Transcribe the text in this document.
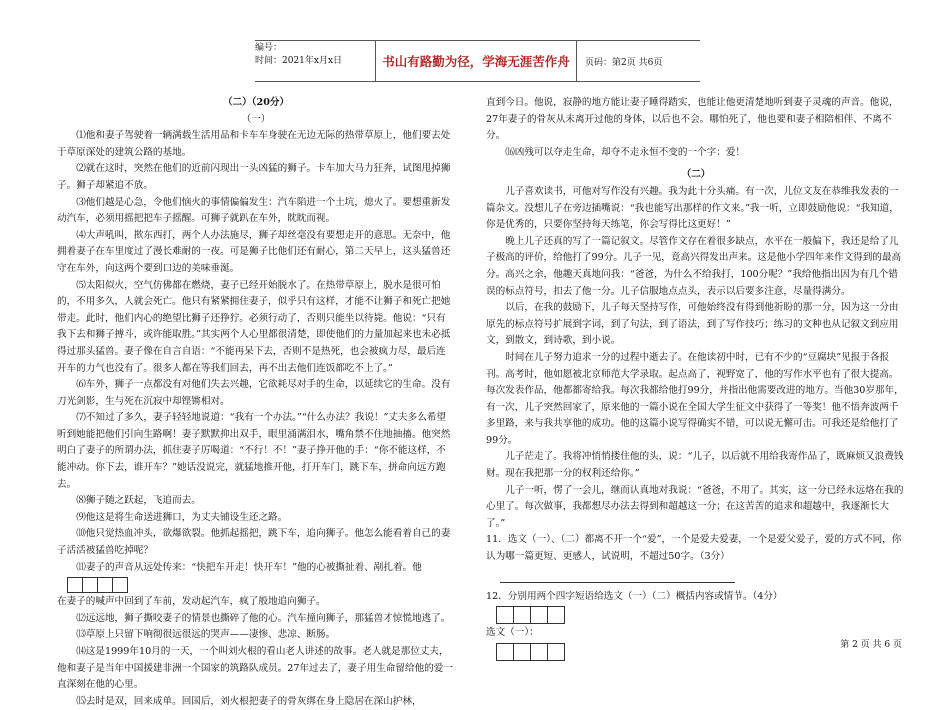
编号：
时间：2021年x月x日	书山有路勤为径，学海无涯苦作舟	页码：第2页 共6页

（二）（20分）

（一）

⑴他和妻子驾驶着一辆满载生活用品和卡车车身驶在无边无际的热带草原上，他们要去处于草原深处的建筑公路的基地。

⑵就在这时，突然在他们的近前闪现出一头凶猛的狮子。卡车加大马力狂奔，试图甩掉狮子。狮子却紧追不放。

⑶他们越是心急，令他们恼火的事情偏偏发生：汽车陷进一个土坑，熄火了。要想重新发动汽车，必须用摇把把车子摇醒。可狮子就趴在车外，眈眈而视。

⑷大声吼叫，揿东西打，两个人办法施尽，狮子却丝毫没有要想走开的意思。无奈中，他拥着妻子在车里度过了漫长难耐的一夜。可是狮子比他们还有耐心，第二天早上，这头猛兽还守在车外，向这两个要到口边的美味垂涎。

⑸太阳似火，空气仿佛都在燃烧，妻子已经开始脱水了。在热带草原上，脱水是很可怕的，不用多久，人就会死亡。他只有紧紧拥住妻子，似乎只有这样，才能不让狮子和死亡把她带走。此时，他们内心的绝望比狮子还狰狞。必须行动了，否则只能坐以待毙。他说：“只有我下去和狮子搏斗，或许能取胜。”其实两个人心里都很清楚，即使他们的力量加起来也未必抵得过那头猛兽。妻子像在自言自语：“不能再呆下去，否则不是热死，也会被疯力尽，最后连开车的力气也没有了。很多人都在等我们回去，再不出去他们连饭都吃不上了。”

⑹车外，狮子一点都没有对他们失去兴趣，它欲耗尽对手的生命，以延续它的生命。没有刀光剑影，生与死在沉寂中却铿锵相对。

⑺不知过了多久，妻子轻轻地说道：“我有一个办法。”“什么办法？我说！”丈夫多么希望听到她能把他们引向生路啊！妻子默默抑出双手，眼里涌满泪水，嘴角禁不住地抽搐。他突然明白了妻子的所谓办法，抓住妻子厉喝道：“不行！不！”妻子挣开他的手：“你不能这样，不能冲动。你下去，谁开车？”她话没说完，就猛地推开他，打开车门，跳下车，拼命向远方跑去。

⑻狮子随之跃起，飞追而去。

⑼他这是将生命送进狮口，为丈夫铺设生还之路。

⑽他只觉热血冲头，欲爆欲裂。他抓起摇把，跳下车，追向狮子。他怎么能看着自己的妻子活活被猛兽吃掉呢？

⑾妻子的声音从远处传来：“快把车开走！快开车！”他的心被撕扯着、剐扎着。他

在妻子的喊声中回到了车前，发动起汽车，疯了般地追向狮子。

⑿远远地，狮子撕咬妻子的情景也撕碎了他的心。汽车撞向狮子，那猛兽才惊慌地逃了。

⒀草原上只留下响彻很远很远的哭声——凄惨、悲凉、断肠。

⒁这是1999年10月的一天，一个叫刘火根的看山老人讲述的故事。老人就是那位丈夫，他和妻子是当年中国援建非洲一个国家的筑路队成员。27年过去了，妻子用生命留给他的爱一直深刻在他的心里。

⒂去时是双，回来成单。回国后，刘火根把妻子的骨灰绑在身上隐居在深山护林，

直到今日。他说，寂静的地方能让妻子睡得踏实，也能让他更清楚地听到妻子灵魂的声音。他说，27年妻子的骨灰从未离开过他的身体，以后也不会。哪怕死了，他也要和妻子相陪相伴、不离不分。

⒃凶残可以夺走生命，却夺不走永恒不变的一个字：爱！

（二）

儿子喜欢读书，可他对写作没有兴趣。我为此十分头痛。有一次，儿位文友在恭维我发表的一篇杂文。没想儿子在旁边插嘴说：“我也能写出那样的作文来。”我一听，立即鼓励他说：“我知道，你是优秀的，只要你坚持每天练笔，你会写得比这更好！”

晚上儿子还真的写了一篇记叙文。尽管作文存在着很多缺点，水平在一般偏下，我还是给了儿子极高的评价，给他打了99分。儿子一见，竟高兴得发出声来。这是他小学四年来作文得到的最高分。高兴之余，他趣天真地问我：“爸爸，为什么不给我打，100分呢？”我给他指出因为有几个错误的标点符号，扣去了他一分。儿子信服地点点头，表示以后要多注意，尽量得满分。

以后，在我的鼓励下，儿子每天坚持写作，可他始终没有得到他祈盼的那一分，因为这一分由原先的标点符号扩展到字词，到了句法，到了语法，到了写作技巧；练习的文种也从记叙文到应用文，到散文，到诗歌，到小说。

时间在儿子努力追求一分的过程中逝去了。在他读初中时，已有不少的“豆腐块”见报于各报刊。高考时，他如愿被北京师范大学录取。起点高了，视野宽了，他的写作水平也有了很大提高。每次发表作品，他都都寄给我。每次我都给他打99分，并指出他需要改进的地方。当他30岁那年，有一次，儿子突然回家了，原来他的一篇小说在全国大学生征文中获得了一等奖！他不悟奔波两千多里路，来与我共享他的成功。他的这篇小说写得确实不错，可以说无懈可击。可我还是给他打了99分。

儿子茫走了。我将冲悄悄搂住他的头，说：“儿子，以后就不用给我寄作品了，既麻烦又浪费钱财。现在我把那一分的权利还给你。”

儿子一听，愣了一会儿，继而认真地对我说：“爸爸，不用了。其实，这一分已经永远烙在我的心里了。每次做事，我都想尽办法去得到和超越这一分；在这苦苦的追求和超越中，我逐渐长大了。”

11．选文（一）、（二）都离不开一个“爱”，一个是爱夫爱妻，一个是爱父爱子，爱的方式不同，你认为哪一篇更短、更感人，试说明，不超过50字。（3分）

12．分别用两个四字短语给选文（一）（二）概括内容或情节。（4分）

选文（一）：

第 2 页 共 6 页
